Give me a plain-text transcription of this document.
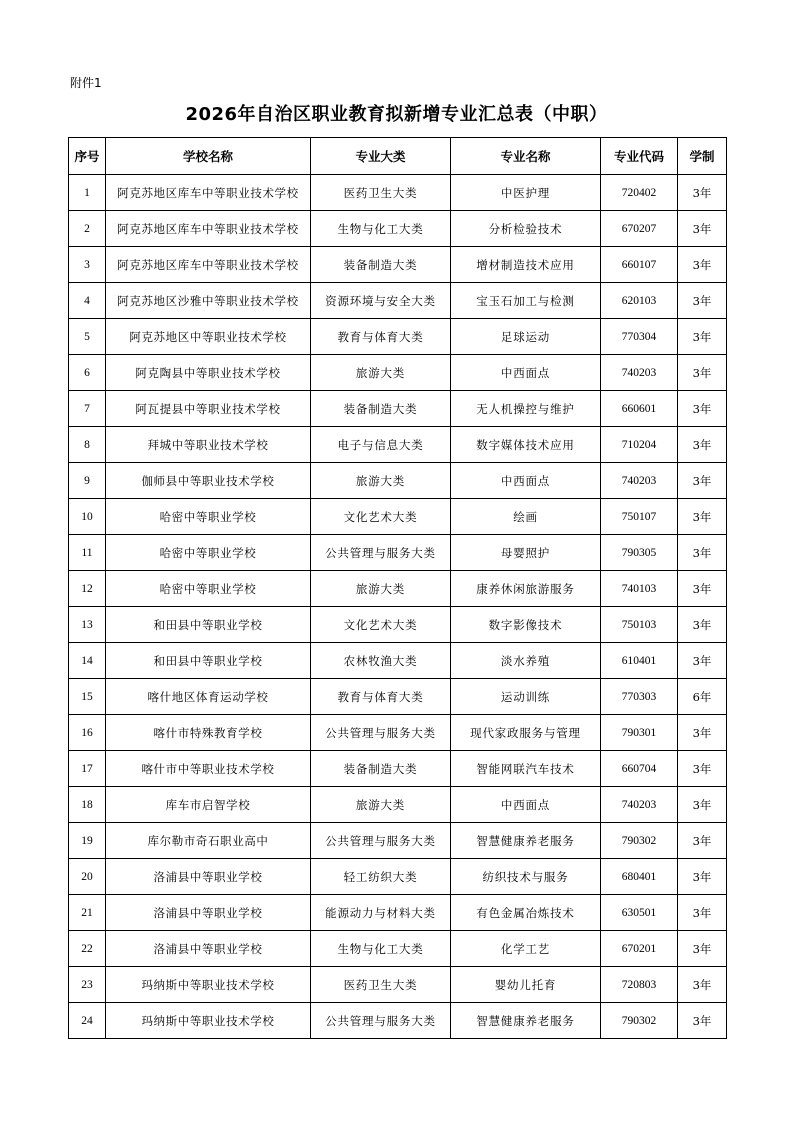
附件1
2026年自治区职业教育拟新增专业汇总表（中职）
序号	学校名称	专业大类	专业名称	专业代码	学制
1	阿克苏地区库车中等职业技术学校	医药卫生大类	中医护理	720402	3年
2	阿克苏地区库车中等职业技术学校	生物与化工大类	分析检验技术	670207	3年
3	阿克苏地区库车中等职业技术学校	装备制造大类	增材制造技术应用	660107	3年
4	阿克苏地区沙雅中等职业技术学校	资源环境与安全大类	宝玉石加工与检测	620103	3年
5	阿克苏地区中等职业技术学校	教育与体育大类	足球运动	770304	3年
6	阿克陶县中等职业技术学校	旅游大类	中西面点	740203	3年
7	阿瓦提县中等职业技术学校	装备制造大类	无人机操控与维护	660601	3年
8	拜城中等职业技术学校	电子与信息大类	数字媒体技术应用	710204	3年
9	伽师县中等职业技术学校	旅游大类	中西面点	740203	3年
10	哈密中等职业学校	文化艺术大类	绘画	750107	3年
11	哈密中等职业学校	公共管理与服务大类	母婴照护	790305	3年
12	哈密中等职业学校	旅游大类	康养休闲旅游服务	740103	3年
13	和田县中等职业学校	文化艺术大类	数字影像技术	750103	3年
14	和田县中等职业学校	农林牧渔大类	淡水养殖	610401	3年
15	喀什地区体育运动学校	教育与体育大类	运动训练	770303	6年
16	喀什市特殊教育学校	公共管理与服务大类	现代家政服务与管理	790301	3年
17	喀什市中等职业技术学校	装备制造大类	智能网联汽车技术	660704	3年
18	库车市启智学校	旅游大类	中西面点	740203	3年
19	库尔勒市奇石职业高中	公共管理与服务大类	智慧健康养老服务	790302	3年
20	洛浦县中等职业学校	轻工纺织大类	纺织技术与服务	680401	3年
21	洛浦县中等职业学校	能源动力与材料大类	有色金属冶炼技术	630501	3年
22	洛浦县中等职业学校	生物与化工大类	化学工艺	670201	3年
23	玛纳斯中等职业技术学校	医药卫生大类	婴幼儿托育	720803	3年
24	玛纳斯中等职业技术学校	公共管理与服务大类	智慧健康养老服务	790302	3年
